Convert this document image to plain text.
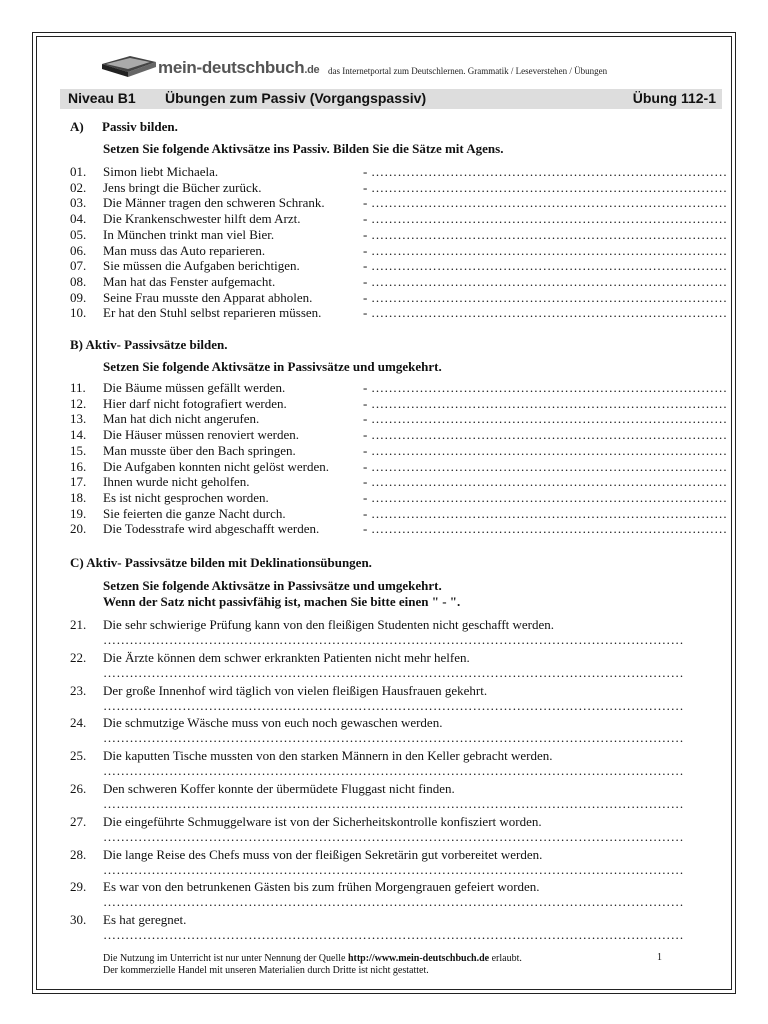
mein-deutschbuch.de das Internetportal zum Deutschlernen. Grammatik / Leseverstehen / Übungen
Niveau B1 Übungen zum Passiv (Vorgangspassiv)	Übung 112-1
A) Passiv bilden.
Setzen Sie folgende Aktivsätze ins Passiv. Bilden Sie die Sätze mit Agens.
01.	Simon liebt Michaela.	- ………………………………………………………………………
02.	Jens bringt die Bücher zurück.	- ………………………………………………………………………
03.	Die Männer tragen den schweren Schrank.	- ………………………………………………………………………
04.	Die Krankenschwester hilft dem Arzt.	- ………………………………………………………………………
05.	In München trinkt man viel Bier.	- ………………………………………………………………………
06.	Man muss das Auto reparieren.	- ………………………………………………………………………
07.	Sie müssen die Aufgaben berichtigen.	- ………………………………………………………………………
08.	Man hat das Fenster aufgemacht.	- ………………………………………………………………………
09.	Seine Frau musste den Apparat abholen.	- ………………………………………………………………………
10.	Er hat den Stuhl selbst reparieren müssen.	- ………………………………………………………………………
B) Aktiv- Passivsätze bilden.
Setzen Sie folgende Aktivsätze in Passivsätze und umgekehrt.
11.	Die Bäume müssen gefällt werden.	- ………………………………………………………………………
12.	Hier darf nicht fotografiert werden.	- ………………………………………………………………………
13.	Man hat dich nicht angerufen.	- ………………………………………………………………………
14.	Die Häuser müssen renoviert werden.	- ………………………………………………………………………
15.	Man musste über den Bach springen.	- ………………………………………………………………………
16.	Die Aufgaben konnten nicht gelöst werden.	- ………………………………………………………………………
17.	Ihnen wurde nicht geholfen.	- ………………………………………………………………………
18.	Es ist nicht gesprochen worden.	- ………………………………………………………………………
19.	Sie feierten die ganze Nacht durch.	- ………………………………………………………………………
20.	Die Todesstrafe wird abgeschafft werden.	- ………………………………………………………………………
C) Aktiv- Passivsätze bilden mit Deklinationsübungen.
Setzen Sie folgende Aktivsätze in Passivsätze und umgekehrt.
Wenn der Satz nicht passivfähig ist, machen Sie bitte einen " - ".
21.	Die sehr schwierige Prüfung kann von den fleißigen Studenten nicht geschafft werden.
……………………………………………………………………………………………………………………
22.	Die Ärzte können dem schwer erkrankten Patienten nicht mehr helfen.
……………………………………………………………………………………………………………………
23.	Der große Innenhof wird täglich von vielen fleißigen Hausfrauen gekehrt.
……………………………………………………………………………………………………………………
24.	Die schmutzige Wäsche muss von euch noch gewaschen werden.
……………………………………………………………………………………………………………………
25.	Die kaputten Tische mussten von den starken Männern in den Keller gebracht werden.
……………………………………………………………………………………………………………………
26.	Den schweren Koffer konnte der übermüdete Fluggast nicht finden.
……………………………………………………………………………………………………………………
27.	Die eingeführte Schmuggelware ist von der Sicherheitskontrolle konfisziert worden.
……………………………………………………………………………………………………………………
28.	Die lange Reise des Chefs muss von der fleißigen Sekretärin gut vorbereitet werden.
……………………………………………………………………………………………………………………
29.	Es war von den betrunkenen Gästen bis zum frühen Morgengrauen gefeiert worden.
……………………………………………………………………………………………………………………
30.	Es hat geregnet.
……………………………………………………………………………………………………………………
Die Nutzung im Unterricht ist nur unter Nennung der Quelle http://www.mein-deutschbuch.de erlaubt.
Der kommerzielle Handel mit unseren Materialien durch Dritte ist nicht gestattet.
1
